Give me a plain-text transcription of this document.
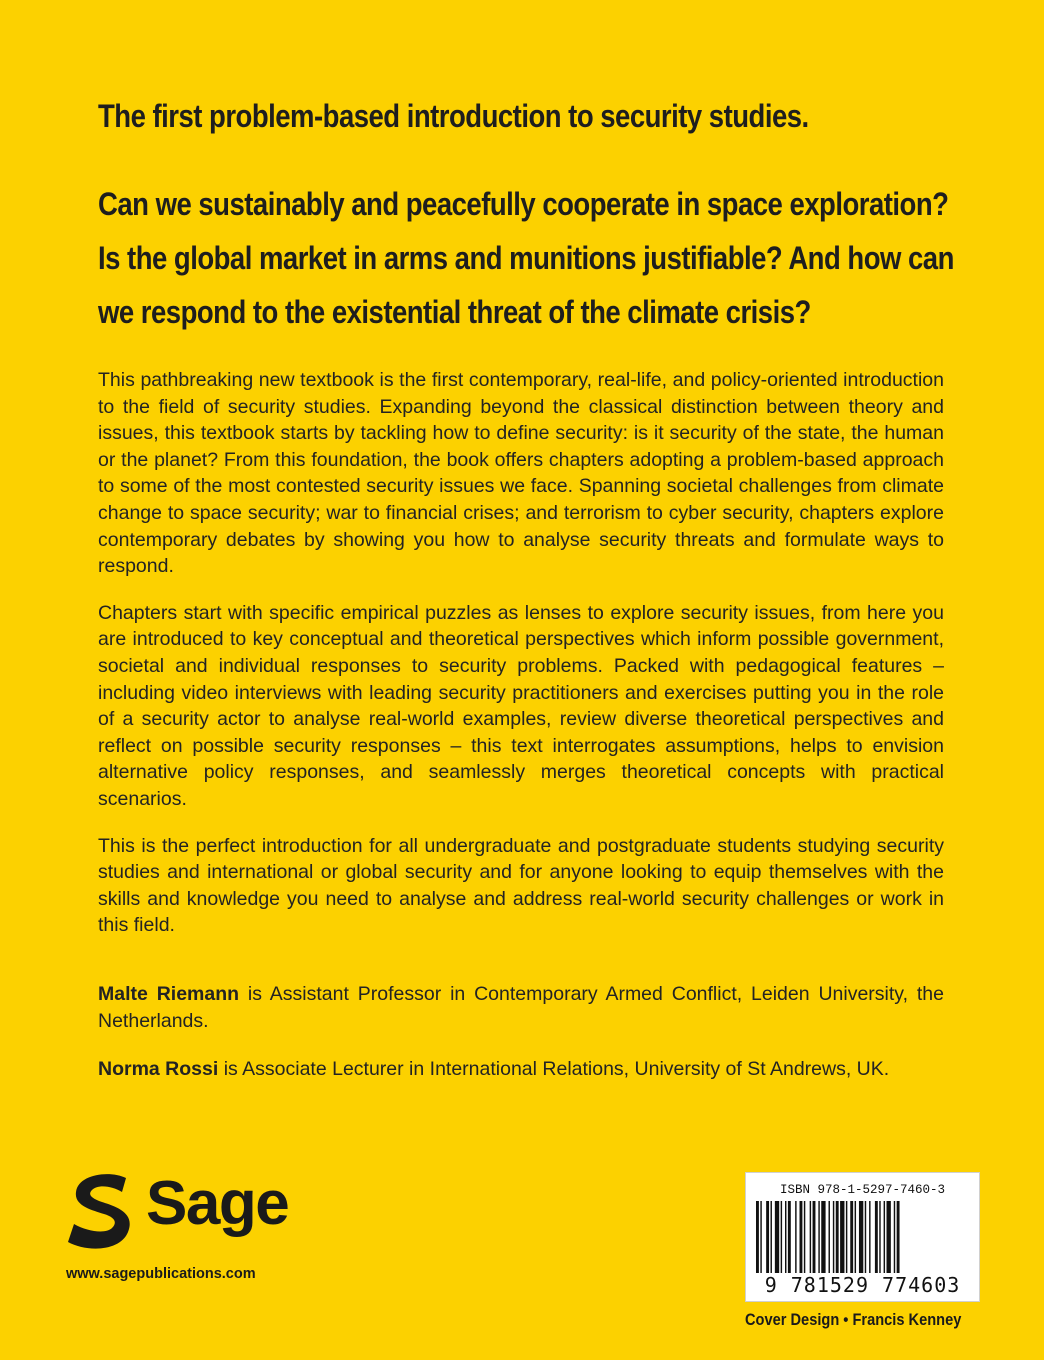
The first problem-based introduction to security studies.
Can we sustainably and peacefully cooperate in space exploration?
Is the global market in arms and munitions justifiable? And how can
we respond to the existential threat of the climate crisis?

This pathbreaking new textbook is the first contemporary, real-life, and policy-oriented introduction to the field of security studies. Expanding beyond the classical distinction between theory and issues, this textbook starts by tackling how to define security: is it security of the state, the human or the planet? From this foundation, the book offers chapters adopting a problem-based approach to some of the most contested security issues we face. Spanning societal challenges from climate change to space security; war to financial crises; and terrorism to cyber security, chapters explore contemporary debates by showing you how to analyse security threats and formulate ways to respond.

Chapters start with specific empirical puzzles as lenses to explore security issues, from here you are introduced to key conceptual and theoretical perspectives which inform possible government, societal and individual responses to security problems. Packed with pedagogical features – including video interviews with leading security practitioners and exercises putting you in the role of a security actor to analyse real-world examples, review diverse theoretical perspectives and reflect on possible security responses – this text interrogates assumptions, helps to envision alternative policy responses, and seamlessly merges theoretical concepts with practical scenarios.

This is the perfect introduction for all undergraduate and postgraduate students studying security studies and international or global security and for anyone looking to equip themselves with the skills and knowledge you need to analyse and address real-world security challenges or work in this field.

Malte Riemann is Assistant Professor in Contemporary Armed Conflict, Leiden University, the Netherlands.

Norma Rossi is Associate Lecturer in International Relations, University of St Andrews, UK.

Sage
www.sagepublications.com
ISBN 978-1-5297-7460-3
9 781529 774603
Cover Design • Francis Kenney
